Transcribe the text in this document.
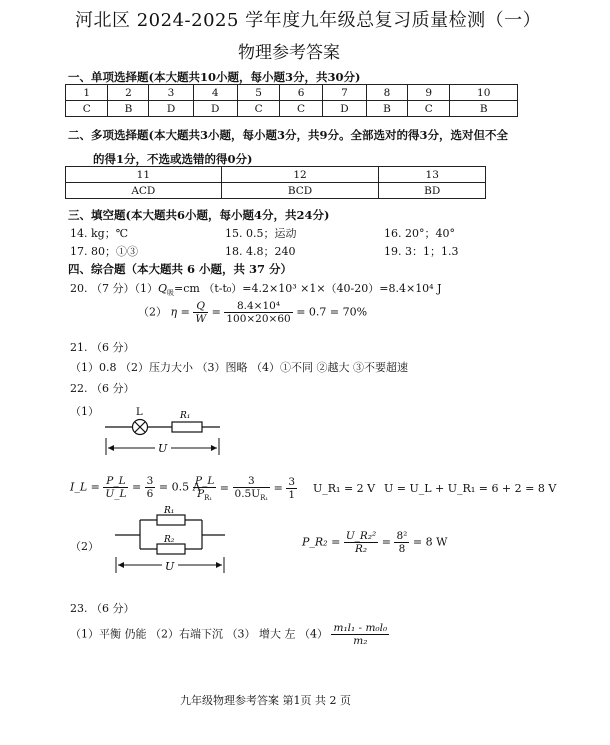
河北区 2024-2025 学年度九年级总复习质量检测（一）
物理参考答案
一、单项选择题(本大题共10小题，每小题3分，共30分)
1	2	3	4	5	6	7	8	9	10
C	B	D	D	C	C	D	B	C	B
二、多项选择题(本大题共3小题，每小题3分，共9分。全部选对的得3分，选对但不全
的得1分，不选或选错的得0分)
11	12	13
ACD	BCD	BD
三、填空题(本大题共6小题，每小题4分，共24分)
14. kg；℃	15. 0.5；运动	16. 20°；40°
17. 80；①③	18. 4.8；240	19. 3：1；1.3
四、综合题（本大题共 6 小题，共 37 分）
20. （7 分）$(1)Q_吸=cm$ （t-t₀）=4.2×10³ ×1×（40-20）=8.4×10⁴ J
（2） $\eta = \frac{Q}{W} = \frac{\text{8.4×10⁴}}{100\times 20\times 60} = 0.7 = 70\%$
21. （6 分）
（1）0.8 （2）压力大小 （3）图略 （4）①不同 ②越大 ③不要超速
22. （6 分）
（1）	L	R₁
U
I_L = $\frac{P\_L}{U\_L} = \frac{3}{6} = 0.5$ A
$\frac{P\_L}{P_{R_1}} = \frac{3}{0.5U_{R_1}} = \frac{3}{1}$ U_R₁ = 2 V U = U_L + U_R₁ = 6 + 2 = 8 V
（2）
R₁
R₂
U
P_R₂ = $\frac{\text{U\_R₂²}}{\text{R₂}} = \frac{\text{8²}}{8} = 8$ W
23. （6 分）
（1）平衡 仍能 （2）右端下沉 （3） 增大 左 $(4) \frac{\text{m₁l₁ - m₀l₀}}{\text{m₂}}$
九年级物理参考答案 第1页 共 2 页
